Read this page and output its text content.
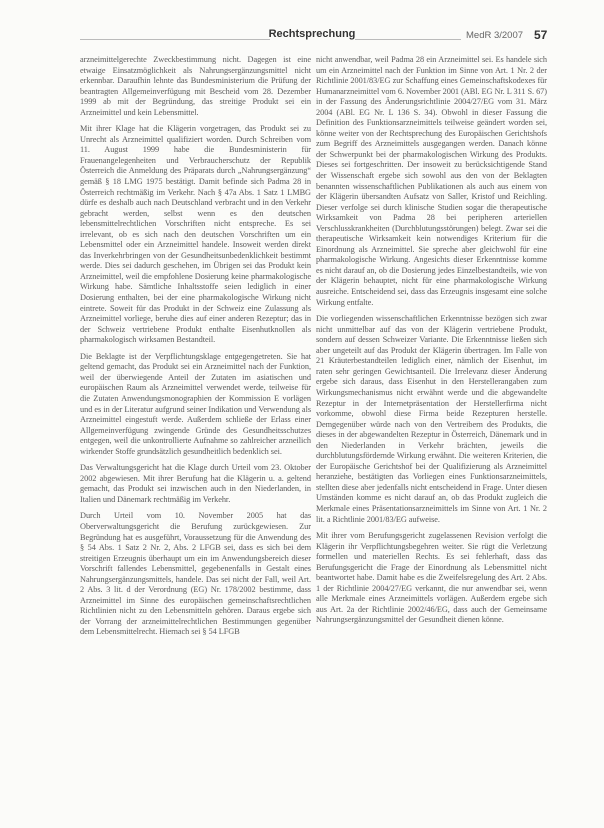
Rechtsprechung	MedR 3/2007 57

arzneimittelgerechte Zweckbestimmung nicht. Dagegen ist eine etwaige Einsatzmöglichkeit als Nahrungsergänzungsmittel nicht erkennbar. Daraufhin lehnte das Bundesministerium die Prüfung der beantragten Allgemeinverfügung mit Bescheid vom 28. Dezember 1999 ab mit der Begründung, das streitige Produkt sei ein Arzneimittel und kein Lebensmittel.

Mit ihrer Klage hat die Klägerin vorgetragen, das Produkt sei zu Unrecht als Arzneimittel qualifiziert worden. Durch Schreiben vom 11. August 1999 habe die Bundesministerin für Frauenangelegenheiten und Verbraucherschutz der Republik Österreich die Anmeldung des Präparats durch „Nahrungsergänzung“ gemäß § 18 LMG 1975 bestätigt. Damit befinde sich Padma 28 in Österreich rechtmäßig im Verkehr. Nach § 47a Abs. 1 Satz 1 LMBG dürfe es deshalb auch nach Deutschland verbracht und in den Verkehr gebracht werden, selbst wenn es den deutschen lebensmittelrechtlichen Vorschriften nicht entspreche. Es sei irrelevant, ob es sich nach den deutschen Vorschriften um ein Lebensmittel oder ein Arzneimittel handele. Insoweit werden direkt das Inverkehrbringen von der Gesundheitsunbedenklichkeit bestimmt werde. Dies sei dadurch geschehen, im Übrigen sei das Produkt kein Arzneimittel, weil die empfohlene Dosierung keine pharmakologische Wirkung habe. Sämtliche Inhaltsstoffe seien lediglich in einer Dosierung enthalten, bei der eine pharmakologische Wirkung nicht eintrete. Soweit für das Produkt in der Schweiz eine Zulassung als Arzneimittel vorliege, beruhe dies auf einer anderen Rezeptur; das in der Schweiz vertriebene Produkt enthalte Eisenhutknollen als pharmakologisch wirksamen Bestandteil.

Die Beklagte ist der Verpflichtungsklage entgegengetreten. Sie hat geltend gemacht, das Produkt sei ein Arzneimittel nach der Funktion, weil der überwiegende Anteil der Zutaten im asiatischen und europäischen Raum als Arzneimittel verwendet werde, teilweise für die Zutaten Anwendungsmonographien der Kommission E vorlägen und es in der Literatur aufgrund seiner Indikation und Verwendung als Arzneimittel eingestuft werde. Außerdem schließe der Erlass einer Allgemeinverfügung zwingende Gründe des Gesundheitsschutzes entgegen, weil die unkontrollierte Aufnahme so zahlreicher arzneilich wirkender Stoffe grundsätzlich gesundheitlich bedenklich sei.

Das Verwaltungsgericht hat die Klage durch Urteil vom 23. Oktober 2002 abgewiesen. Mit ihrer Berufung hat die Klägerin u. a. geltend gemacht, das Produkt sei inzwischen auch in den Niederlanden, in Italien und Dänemark rechtmäßig im Verkehr.

Durch Urteil vom 10. November 2005 hat das Oberverwaltungsgericht die Berufung zurückgewiesen. Zur Begründung hat es ausgeführt, Voraussetzung für die Anwendung des § 54 Abs. 1 Satz 2 Nr. 2, Abs. 2 LFGB sei, dass es sich bei dem streitigen Erzeugnis überhaupt um ein im Anwendungsbereich dieser Vorschrift fallendes Lebensmittel, gegebenenfalls in Gestalt eines Nahrungsergänzungsmittels, handele. Das sei nicht der Fall, weil Art. 2 Abs. 3 lit. d der Verordnung (EG) Nr. 178/2002 bestimme, dass Arzneimittel im Sinne des europäischen gemeinschaftsrechtlichen Richtlinien nicht zu den Lebensmitteln gehören. Daraus ergebe sich der Vorrang der arzneimittelrechtlichen Bestimmungen gegenüber dem Lebensmittelrecht. Hiernach sei § 54 LFGB

nicht anwendbar, weil Padma 28 ein Arzneimittel sei. Es handele sich um ein Arzneimittel nach der Funktion im Sinne von Art. 1 Nr. 2 der Richtlinie 2001/83/EG zur Schaffung eines Gemeinschaftskodexes für Humanarzneimittel vom 6. November 2001 (ABl. EG Nr. L 311 S. 67) in der Fassung des Änderungsrichtlinie 2004/27/EG vom 31. März 2004 (ABl. EG Nr. L 136 S. 34). Obwohl in dieser Fassung die Definition des Funktionsarzneimittels teilweise geändert worden sei, könne weiter von der Rechtsprechung des Europäischen Gerichtshofs zum Begriff des Arzneimittels ausgegangen werden. Danach könne der Schwerpunkt bei der pharmakologischen Wirkung des Produkts. Dieses sei fortgeschritten. Der insoweit zu berücksichtigende Stand der Wissenschaft ergebe sich sowohl aus den von der Beklagten benannten wissenschaftlichen Publikationen als auch aus einem von der Klägerin übersandten Aufsatz von Saller, Kristof und Reichling. Dieser verfolge sei durch klinische Studien sogar die therapeutische Wirksamkeit von Padma 28 bei peripheren arteriellen Verschlusskrankheiten (Durchblutungsstörungen) belegt. Zwar sei die therapeutische Wirksamkeit kein notwendiges Kriterium für die Einordnung als Arzneimittel. Sie spreche aber gleichwohl für eine pharmakologische Wirkung. Angesichts dieser Erkenntnisse komme es nicht darauf an, ob die Dosierung jedes Einzelbestandteils, wie von der Klägerin behauptet, nicht für eine pharmakologische Wirkung ausreiche. Entscheidend sei, dass das Erzeugnis insgesamt eine solche Wirkung entfalte.

Die vorliegenden wissenschaftlichen Erkenntnisse bezögen sich zwar nicht unmittelbar auf das von der Klägerin vertriebene Produkt, sondern auf dessen Schweizer Variante. Die Erkenntnisse ließen sich aber ungeteilt auf das Produkt der Klägerin übertragen. Im Falle von 21 Kräuterbestandteilen lediglich einer, nämlich der Eisenhut, im raten sehr geringen Gewichtsanteil. Die Irrelevanz dieser Änderung ergebe sich daraus, dass Eisenhut in den Herstellerangaben zum Wirkungsmechanismus nicht erwähnt werde und die abgewandelte Rezeptur in der Internetpräsentation der Herstellerfirma nicht vorkomme, obwohl diese Firma beide Rezepturen herstelle. Demgegenüber würde nach von den Vertreibern des Produkts, die dieses in der abgewandelten Rezeptur in Österreich, Dänemark und in den Niederlanden in Verkehr brächten, jeweils die durchblutungsfördernde Wirkung erwähnt. Die weiteren Kriterien, die der Europäische Gerichtshof bei der Qualifizierung als Arzneimittel heranziehe, bestätigten das Vorliegen eines Funktionsarzneimittels, stellten diese aber jedenfalls nicht entscheidend in Frage. Unter diesen Umständen komme es nicht darauf an, ob das Produkt zugleich die Merkmale eines Präsentationsarzneimittels im Sinne von Art. 1 Nr. 2 lit. a Richtlinie 2001/83/EG aufweise.

Mit ihrer vom Berufungsgericht zugelassenen Revision verfolgt die Klägerin ihr Verpflichtungsbegehren weiter. Sie rügt die Verletzung formellen und materiellen Rechts. Es sei fehlerhaft, dass das Berufungsgericht die Frage der Einordnung als Lebensmittel nicht beantwortet habe. Damit habe es die Zweifelsregelung des Art. 2 Abs. 1 der Richtlinie 2004/27/EG verkannt, die nur anwendbar sei, wenn alle Merkmale eines Arzneimittels vorlägen. Außerdem ergebe sich aus Art. 2a der Richtlinie 2002/46/EG, dass auch der Gemeinsame Nahrungsergänzungsmittel der Gesundheit dienen könne.
